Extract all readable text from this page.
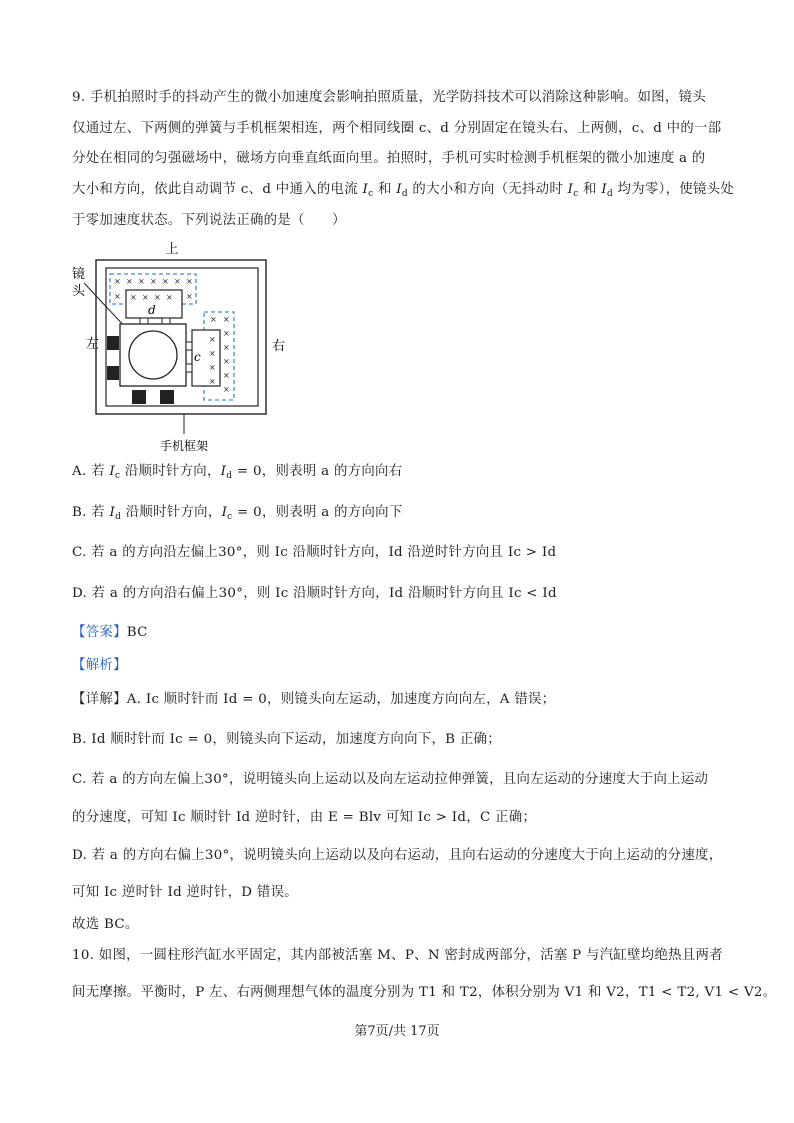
9. 手机拍照时手的抖动产生的微小加速度会影响拍照质量，光学防抖技术可以消除这种影响。如图，镜头
仅通过左、下两侧的弹簧与手机框架相连，两个相同线圈 c、d 分别固定在镜头右、上两侧，c、d 中的一部
分处在相同的匀强磁场中，磁场方向垂直纸面向里。拍照时，手机可实时检测手机框架的微小加速度 a 的
大小和方向，依此自动调节 c、d 中通入的电流 $I_c$ 和 $I_d$ 的大小和方向（无抖动时 $I_c$ 和 $I_d$ 均为零），使镜头处
于零加速度状态。下列说法正确的是（　　）
上
左	右
镜
头
× × × × × × ×
×	×
× × × ×
d
× ×
×
×
×
×
×
×
×
×
×
c
手机框架
A. 若 $I_c$ 沿顺时针方向，$I_d = 0$，则表明 a 的方向向右
B. 若 $I_d$ 沿顺时针方向，$I_c = 0$，则表明 a 的方向向下
C. 若 a 的方向沿左偏上30°，则 Ic 沿顺时针方向，Id 沿逆时针方向且 Ic > Id
D. 若 a 的方向沿右偏上30°，则 Ic 沿顺时针方向，Id 沿顺时针方向且 Ic < Id
【答案】BC
【解析】
【详解】A. Ic 顺时针而 Id = 0，则镜头向左运动，加速度方向向左，A 错误；
B. Id 顺时针而 Ic = 0，则镜头向下运动，加速度方向向下，B 正确；
C. 若 a 的方向左偏上30°，说明镜头向上运动以及向左运动拉伸弹簧，且向左运动的分速度大于向上运动
的分速度，可知 Ic 顺时针 Id 逆时针，由 E = Blv 可知 Ic > Id，C 正确；
D. 若 a 的方向右偏上30°，说明镜头向上运动以及向右运动，且向右运动的分速度大于向上运动的分速度，
可知 Ic 逆时针 Id 逆时针，D 错误。
故选 BC。
10. 如图，一圆柱形汽缸水平固定，其内部被活塞 M、P、N 密封成两部分，活塞 P 与汽缸壁均绝热且两者
间无摩擦。平衡时，P 左、右两侧理想气体的温度分别为 T1 和 T2，体积分别为 V1 和 V2，T1 < T2, V1 < V2。
第7页/共 17页
